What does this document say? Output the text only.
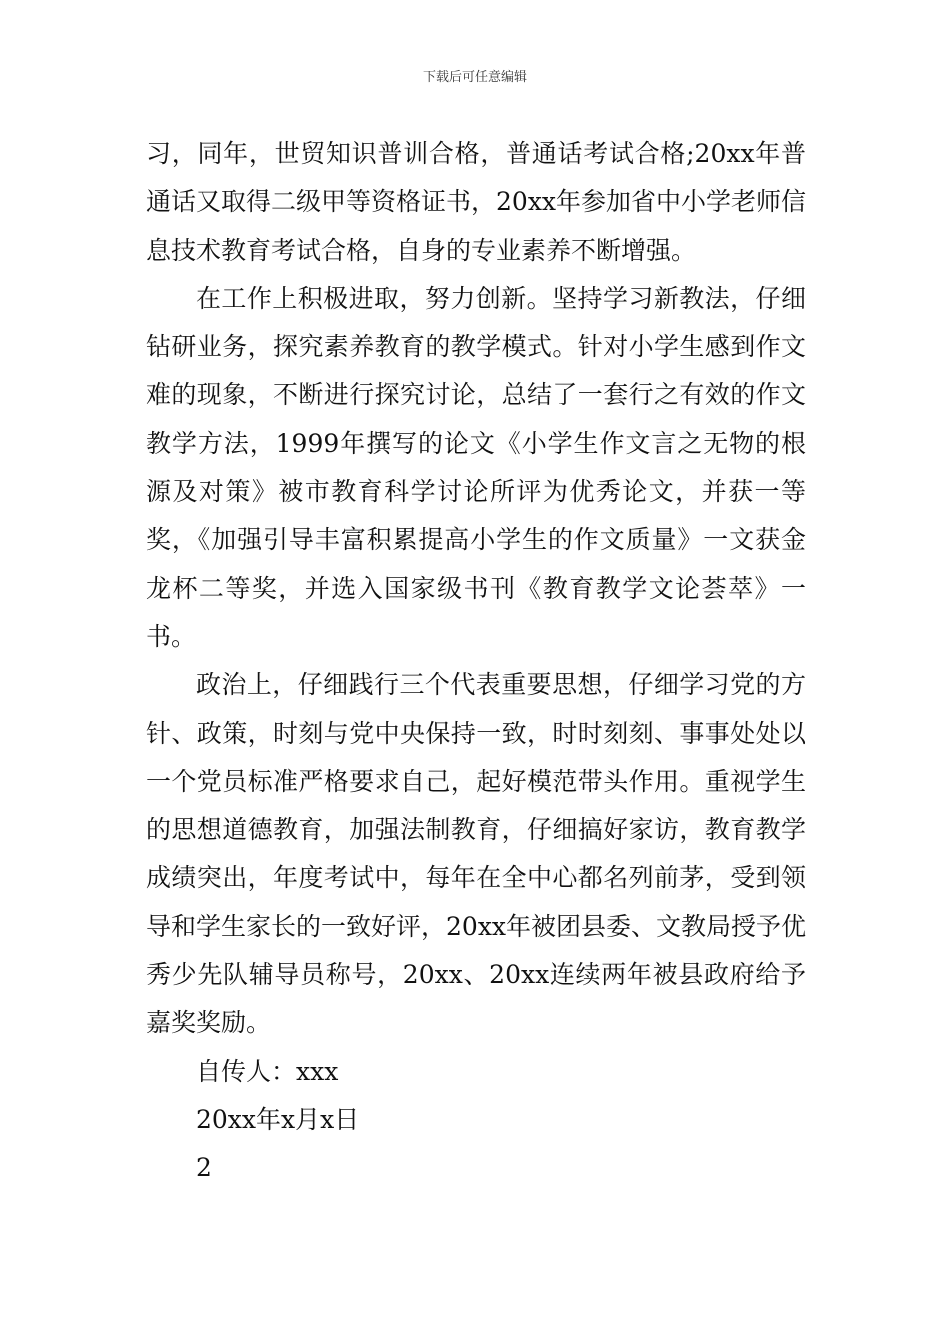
下载后可任意编辑

习，同年，世贸知识普训合格，普通话考试合格;20xx年普通话又取得二级甲等资格证书，20xx年参加省中小学老师信息技术教育考试合格，自身的专业素养不断增强。

在工作上积极进取，努力创新。坚持学习新教法，仔细钻研业务，探究素养教育的教学模式。针对小学生感到作文难的现象，不断进行探究讨论，总结了一套行之有效的作文教学方法，1999年撰写的论文《小学生作文言之无物的根源及对策》被市教育科学讨论所评为优秀论文，并获一等奖，《加强引导丰富积累提高小学生的作文质量》一文获金龙杯二等奖，并选入国家级书刊《教育教学文论荟萃》一书。

政治上，仔细践行三个代表重要思想，仔细学习党的方针、政策，时刻与党中央保持一致，时时刻刻、事事处处以一个党员标准严格要求自己，起好模范带头作用。重视学生的思想道德教育，加强法制教育，仔细搞好家访，教育教学成绩突出，年度考试中，每年在全中心都名列前茅，受到领导和学生家长的一致好评，20xx年被团县委、文教局授予优秀少先队辅导员称号，20xx、20xx连续两年被县政府给予嘉奖奖励。

自传人：xxx

20xx年x月x日

2
